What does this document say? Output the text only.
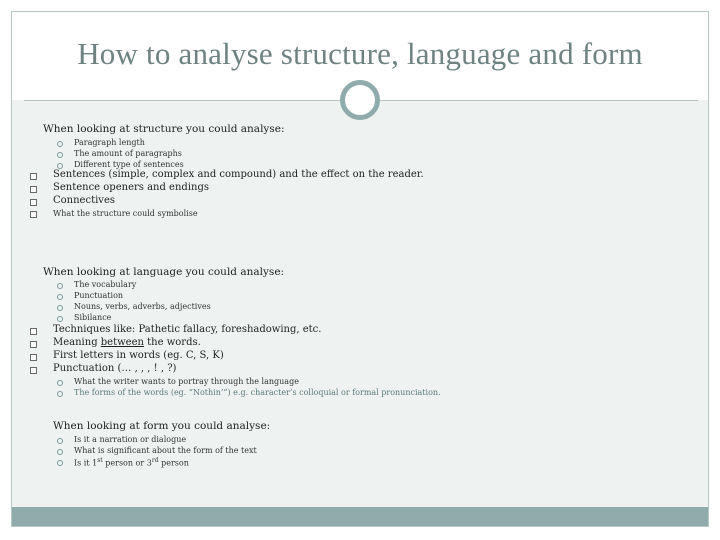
How to analyse structure, language and form
When looking at structure you could analyse:
Paragraph length
The amount of paragraphs
Different type of sentences
Sentences (simple, complex and compound) and the effect on the reader.
Sentence openers and endings
Connectives
What the structure could symbolise
When looking at language you could analyse:
The vocabulary
Punctuation
Nouns, verbs, adverbs, adjectives
Sibilance
Techniques like: Pathetic fallacy, foreshadowing, etc.
Meaning between the words.
First letters in words (eg. C, S, K)
Punctuation (… , , , ! , ?)
What the writer wants to portray through the language
The forms of the words (eg. “Nothin’”) e.g. character’s colloquial or formal pronunciation.
When looking at form you could analyse:
Is it a narration or dialogue
What is significant about the form of the text
Is it 1st person or 3rd person
